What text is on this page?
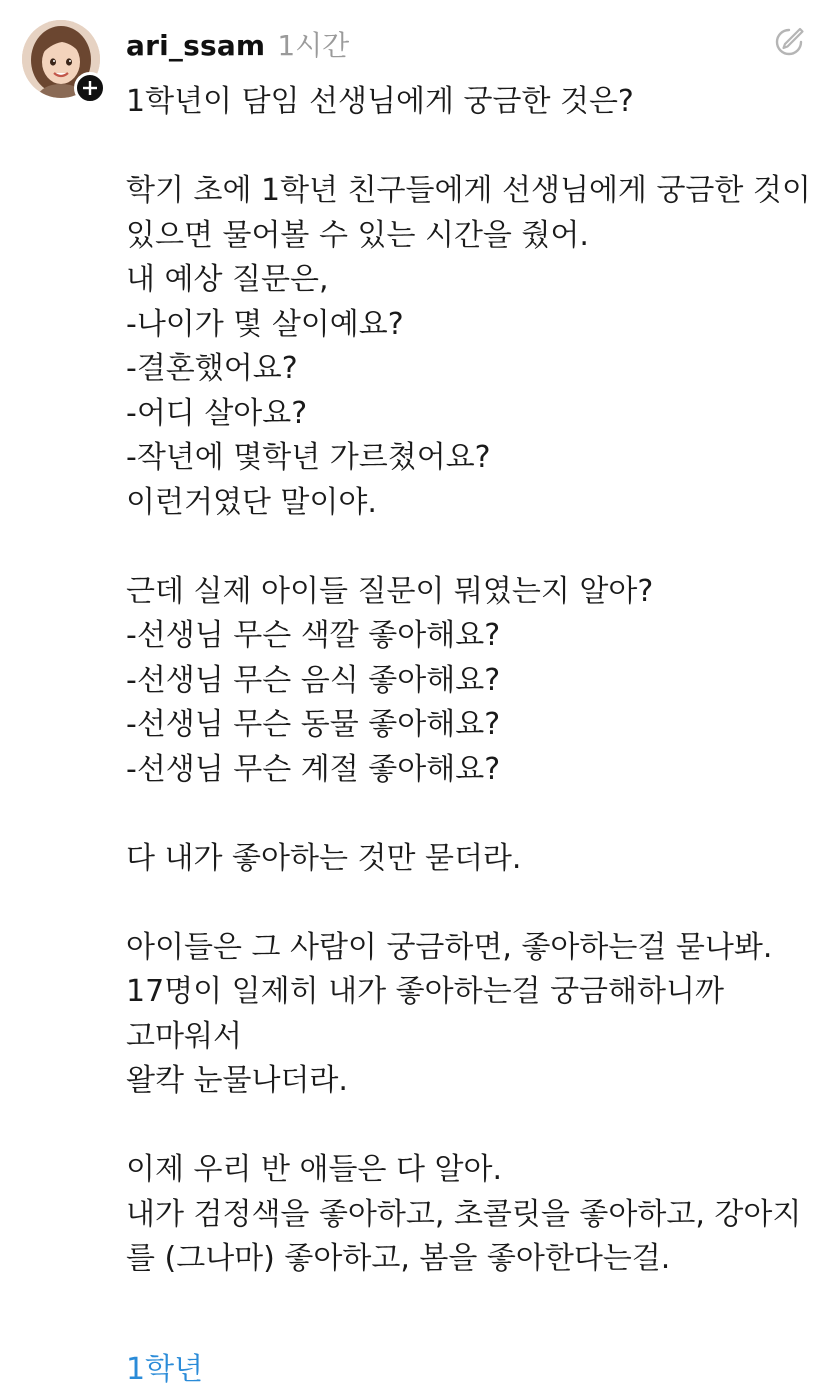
ari_ssam 1시간
1학년이 담임 선생님에게 궁금한 것은?

학기 초에 1학년 친구들에게 선생님에게 궁금한 것이
있으면 물어볼 수 있는 시간을 줬어.
내 예상 질문은,
-나이가 몇 살이예요?
-결혼했어요?
-어디 살아요?
-작년에 몇학년 가르쳤어요?
이런거였단 말이야.

근데 실제 아이들 질문이 뭐였는지 알아?
-선생님 무슨 색깔 좋아해요?
-선생님 무슨 음식 좋아해요?
-선생님 무슨 동물 좋아해요?
-선생님 무슨 계절 좋아해요?

다 내가 좋아하는 것만 묻더라.

아이들은 그 사람이 궁금하면, 좋아하는걸 묻나봐.
17명이 일제히 내가 좋아하는걸 궁금해하니까
고마워서
왈칵 눈물나더라.

이제 우리 반 애들은 다 알아.
내가 검정색을 좋아하고, 초콜릿을 좋아하고, 강아지
를 (그나마) 좋아하고, 봄을 좋아한다는걸.
1학년
